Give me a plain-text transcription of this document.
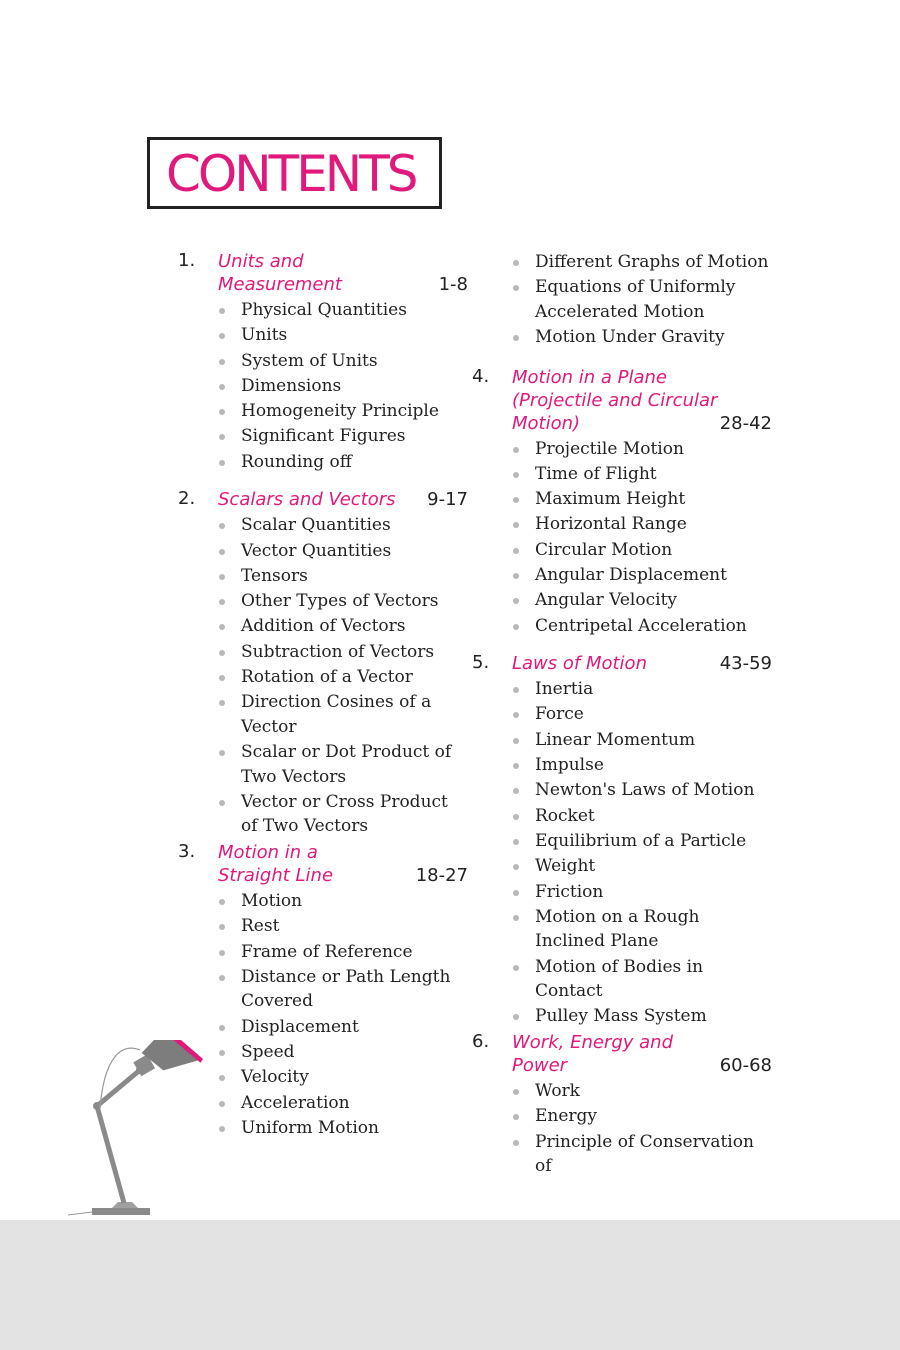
CONTENTS
1. Units and
Measurement	1-8
Physical Quantities
Units
System of Units
Dimensions
Homogeneity Principle
Significant Figures
Rounding off
2. Scalars and Vectors	9-17
Scalar Quantities
Vector Quantities
Tensors
Other Types of Vectors
Addition of Vectors
Subtraction of Vectors
Rotation of a Vector
Direction Cosines of a Vector
Scalar or Dot Product of Two Vectors
Vector or Cross Product of Two Vectors
3. Motion in a
Straight Line	18-27
Motion
Rest
Frame of Reference
Distance or Path Length Covered
Displacement
Speed
Velocity
Acceleration
Uniform Motion
Different Graphs of Motion
Equations of Uniformly Accelerated Motion
Motion Under Gravity
4. Motion in a Plane
(Projectile and Circular
Motion)	28-42
Projectile Motion
Time of Flight
Maximum Height
Horizontal Range
Circular Motion
Angular Displacement
Angular Velocity
Centripetal Acceleration
5. Laws of Motion	43-59
Inertia
Force
Linear Momentum
Impulse
Newton's Laws of Motion
Rocket
Equilibrium of a Particle
Weight
Friction
Motion on a Rough Inclined Plane
Motion of Bodies in Contact
Pulley Mass System
6. Work, Energy and
Power	60-68
Work
Energy
Principle of Conservation of
